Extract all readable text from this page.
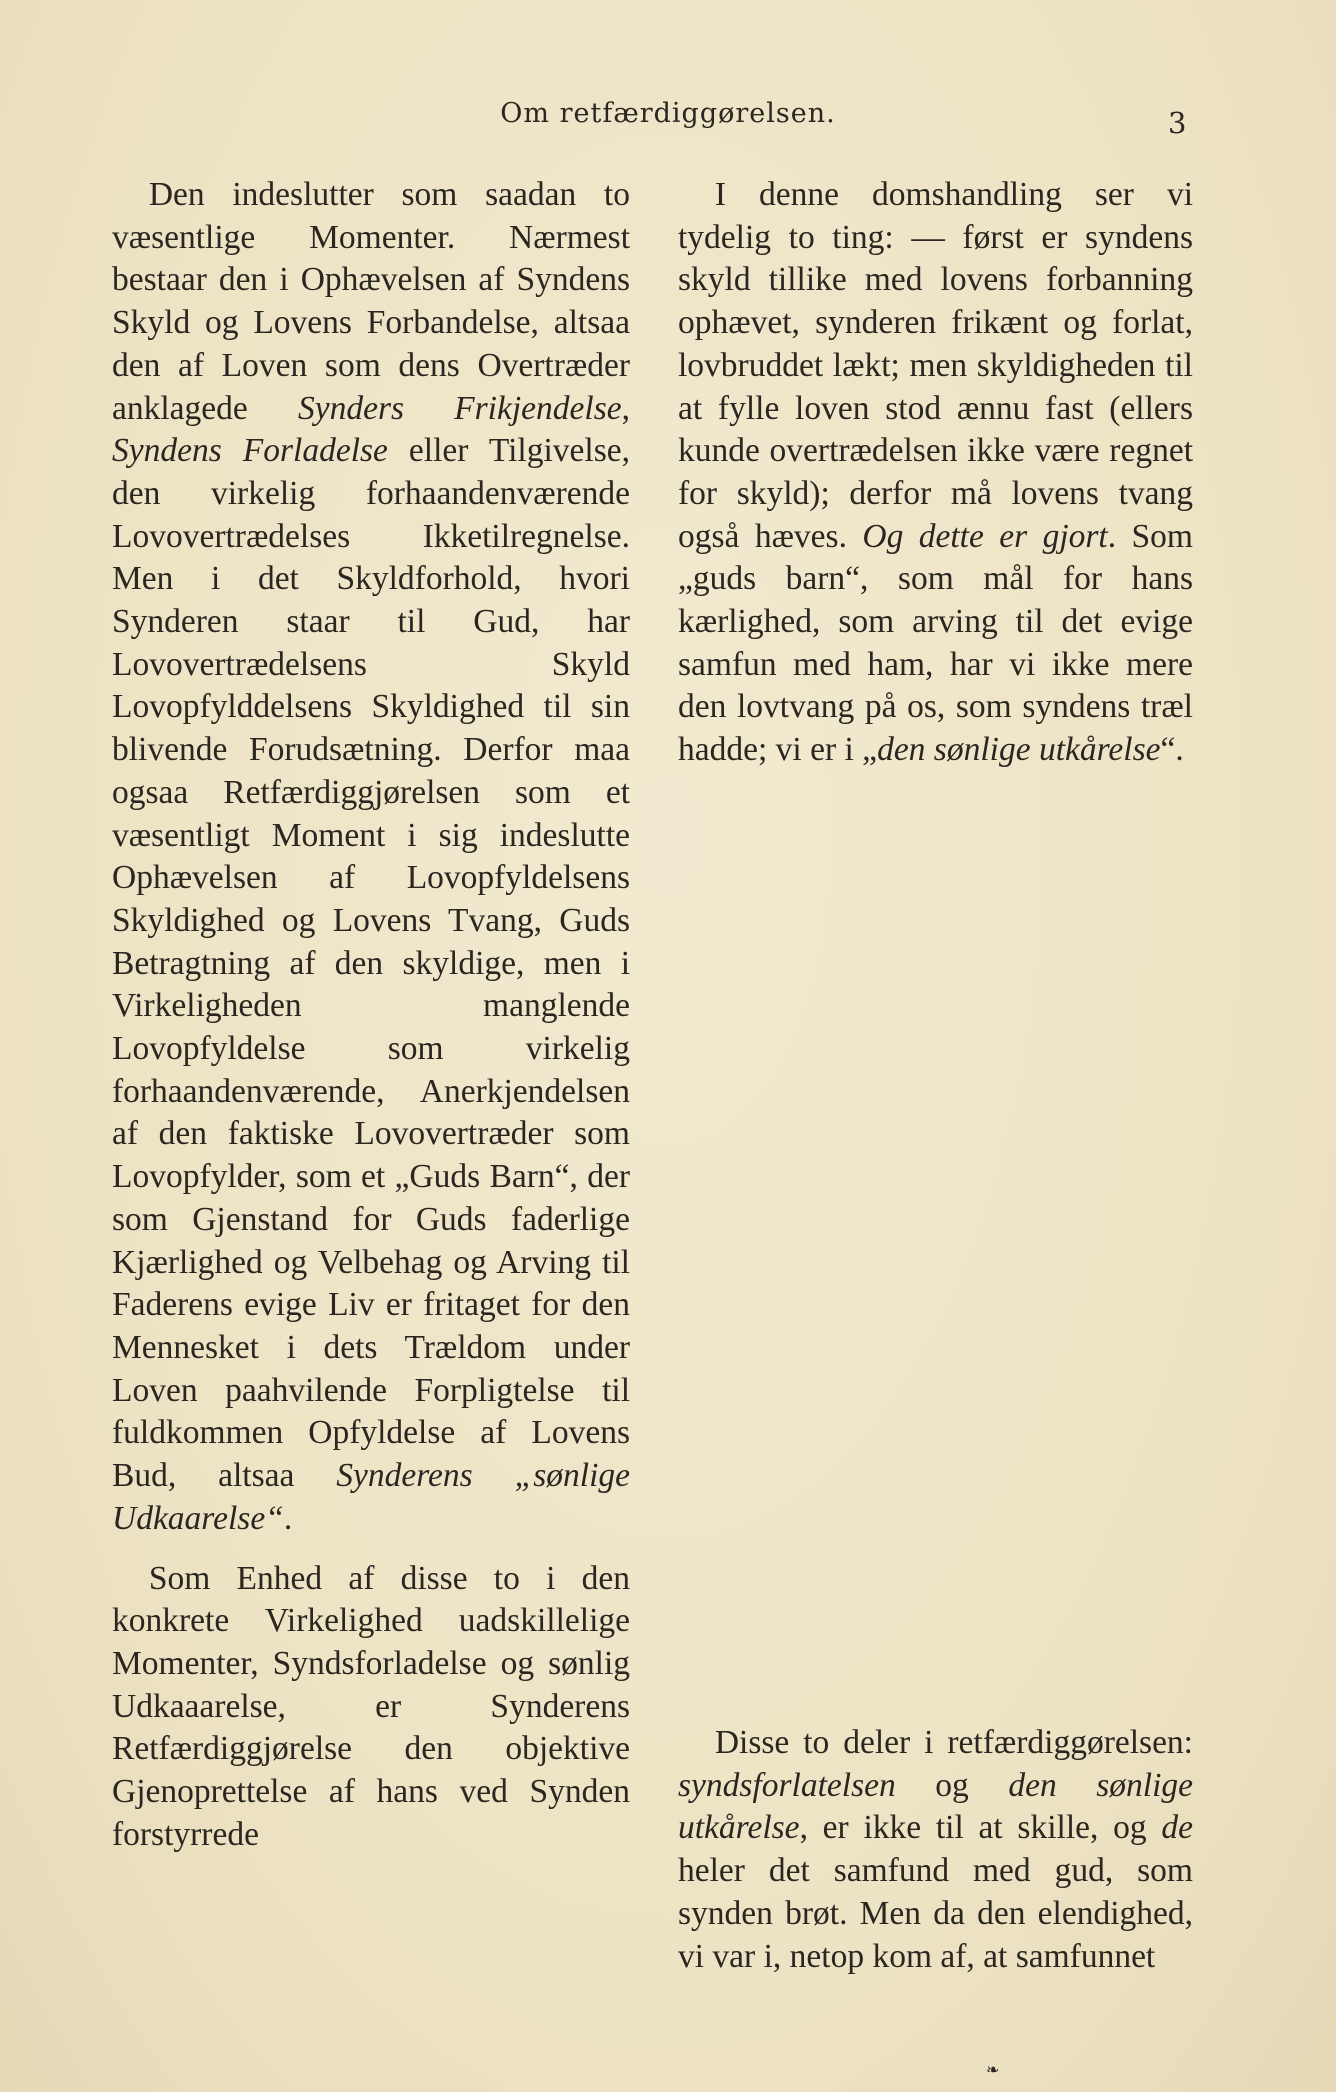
Om retfærdiggørelsen.	3

Den indeslutter som saadan to væsentlige Momenter. Nærmest bestaar den i Ophævelsen af Syndens Skyld og Lovens Forbandelse, altsaa den af Loven som dens Overtræder anklagede Synders Frikjendelse, Syndens Forladelse eller Tilgivelse, den virkelig forhaandenværende Lovovertrædelses Ikketilregnelse. Men i det Skyldforhold, hvori Synderen staar til Gud, har Lovovertrædelsens Skyld Lovopfylddelsens Skyldighed til sin blivende Forudsætning. Derfor maa ogsaa Retfærdiggjørelsen som et væsentligt Moment i sig indeslutte Ophævelsen af Lovopfyldelsens Skyldighed og Lovens Tvang, Guds Betragtning af den skyldige, men i Virkeligheden manglende Lovopfyldelse som virkelig forhaandenværende, Anerkjendelsen af den faktiske Lovovertræder som Lovopfylder, som et „Guds Barn“, der som Gjenstand for Guds faderlige Kjærlighed og Velbehag og Arving til Faderens evige Liv er fritaget for den Mennesket i dets Trældom under Loven paahvilende Forpligtelse til fuldkommen Opfyldelse af Lovens Bud, altsaa Synderens „sønlige Udkaarelse“.

Som Enhed af disse to i den konkrete Virkelighed uadskillelige Momenter, Syndsforladelse og sønlig Udkaaarelse, er Synderens Retfærdiggjørelse den objektive Gjenoprettelse af hans ved Synden forstyrrede

I denne domshandling ser vi tydelig to ting: — først er syndens skyld tillike med lovens forbanning ophævet, synderen frikænt og forlat, lovbruddet lækt; men skyldigheden til at fylle loven stod ænnu fast (ellers kunde overtrædelsen ikke være regnet for skyld); derfor må lovens tvang også hæves. Og dette er gjort. Som „guds barn“, som mål for hans kærlighed, som arving til det evige samfun med ham, har vi ikke mere den lovtvang på os, som syndens træl hadde; vi er i „den sønlige utkårelse“.

Disse to deler i retfærdiggørelsen: syndsforlatelsen og den sønlige utkårelse, er ikke til at skille, og de heler det samfund med gud, som synden brøt. Men da den elendighed, vi var i, netop kom af, at samfunnet

❧
